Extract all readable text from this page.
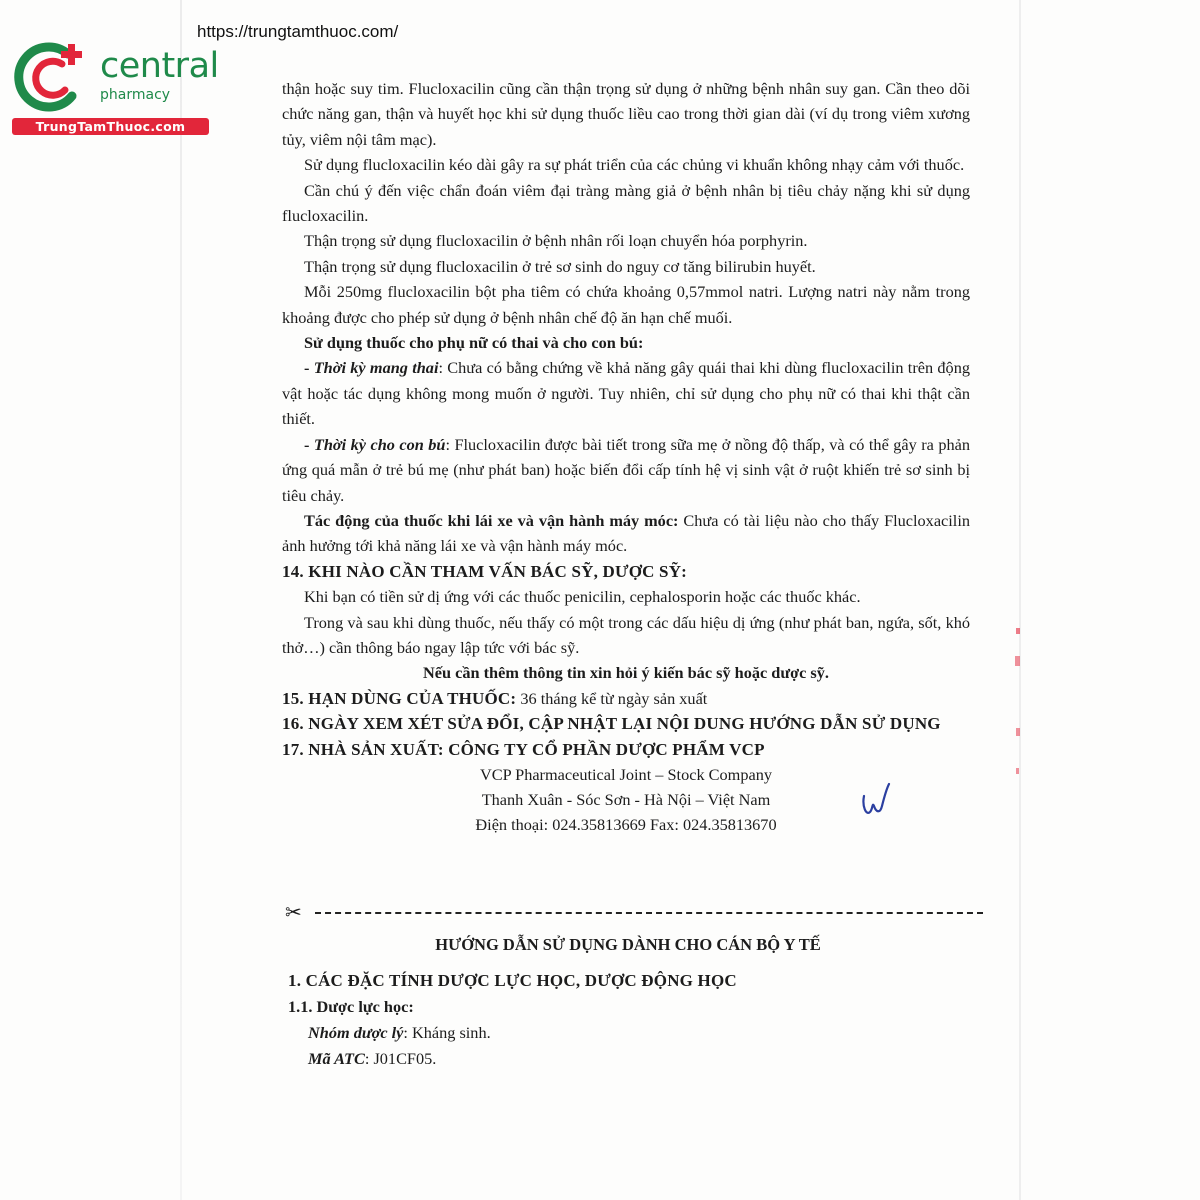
central
pharmacy
TrungTamThuoc.com
https://trungtamthuoc.com/

thận hoặc suy tim. Flucloxacilin cũng cần thận trọng sử dụng ở những bệnh nhân suy gan. Cần theo dõi chức năng gan, thận và huyết học khi sử dụng thuốc liều cao trong thời gian dài (ví dụ trong viêm xương tủy, viêm nội tâm mạc).

Sử dụng flucloxacilin kéo dài gây ra sự phát triển của các chủng vi khuẩn không nhạy cảm với thuốc.

Cần chú ý đến việc chẩn đoán viêm đại tràng màng giả ở bệnh nhân bị tiêu chảy nặng khi sử dụng flucloxacilin.

Thận trọng sử dụng flucloxacilin ở bệnh nhân rối loạn chuyển hóa porphyrin.

Thận trọng sử dụng flucloxacilin ở trẻ sơ sinh do nguy cơ tăng bilirubin huyết.

Mỗi 250mg flucloxacilin bột pha tiêm có chứa khoảng 0,57mmol natri. Lượng natri này nằm trong khoảng được cho phép sử dụng ở bệnh nhân chế độ ăn hạn chế muối.

Sử dụng thuốc cho phụ nữ có thai và cho con bú:

- Thời kỳ mang thai: Chưa có bằng chứng về khả năng gây quái thai khi dùng flucloxacilin trên động vật hoặc tác dụng không mong muốn ở người. Tuy nhiên, chỉ sử dụng cho phụ nữ có thai khi thật cần thiết.

- Thời kỳ cho con bú: Flucloxacilin được bài tiết trong sữa mẹ ở nồng độ thấp, và có thể gây ra phản ứng quá mẫn ở trẻ bú mẹ (như phát ban) hoặc biến đổi cấp tính hệ vị sinh vật ở ruột khiến trẻ sơ sinh bị tiêu chảy.

Tác động của thuốc khi lái xe và vận hành máy móc: Chưa có tài liệu nào cho thấy Flucloxacilin ảnh hưởng tới khả năng lái xe và vận hành máy móc.

14. KHI NÀO CẦN THAM VẤN BÁC SỸ, DƯỢC SỸ:

Khi bạn có tiền sử dị ứng với các thuốc penicilin, cephalosporin hoặc các thuốc khác.

Trong và sau khi dùng thuốc, nếu thấy có một trong các dấu hiệu dị ứng (như phát ban, ngứa, sốt, khó thở…) cần thông báo ngay lập tức với bác sỹ.

Nếu cần thêm thông tin xin hỏi ý kiến bác sỹ hoặc dược sỹ.

15. HẠN DÙNG CỦA THUỐC: 36 tháng kể từ ngày sản xuất

16. NGÀY XEM XÉT SỬA ĐỔI, CẬP NHẬT LẠI NỘI DUNG HƯỚNG DẪN SỬ DỤNG

17. NHÀ SẢN XUẤT: CÔNG TY CỔ PHẦN DƯỢC PHẨM VCP

VCP Pharmaceutical Joint – Stock Company
Thanh Xuân - Sóc Sơn - Hà Nội – Việt Nam
Điện thoại: 024.35813669 Fax: 024.35813670
✂

HƯỚNG DẪN SỬ DỤNG DÀNH CHO CÁN BỘ Y TẾ

1. CÁC ĐẶC TÍNH DƯỢC LỰC HỌC, DƯỢC ĐỘNG HỌC

1.1. Dược lực học:

Nhóm dược lý: Kháng sinh.

Mã ATC: J01CF05.
